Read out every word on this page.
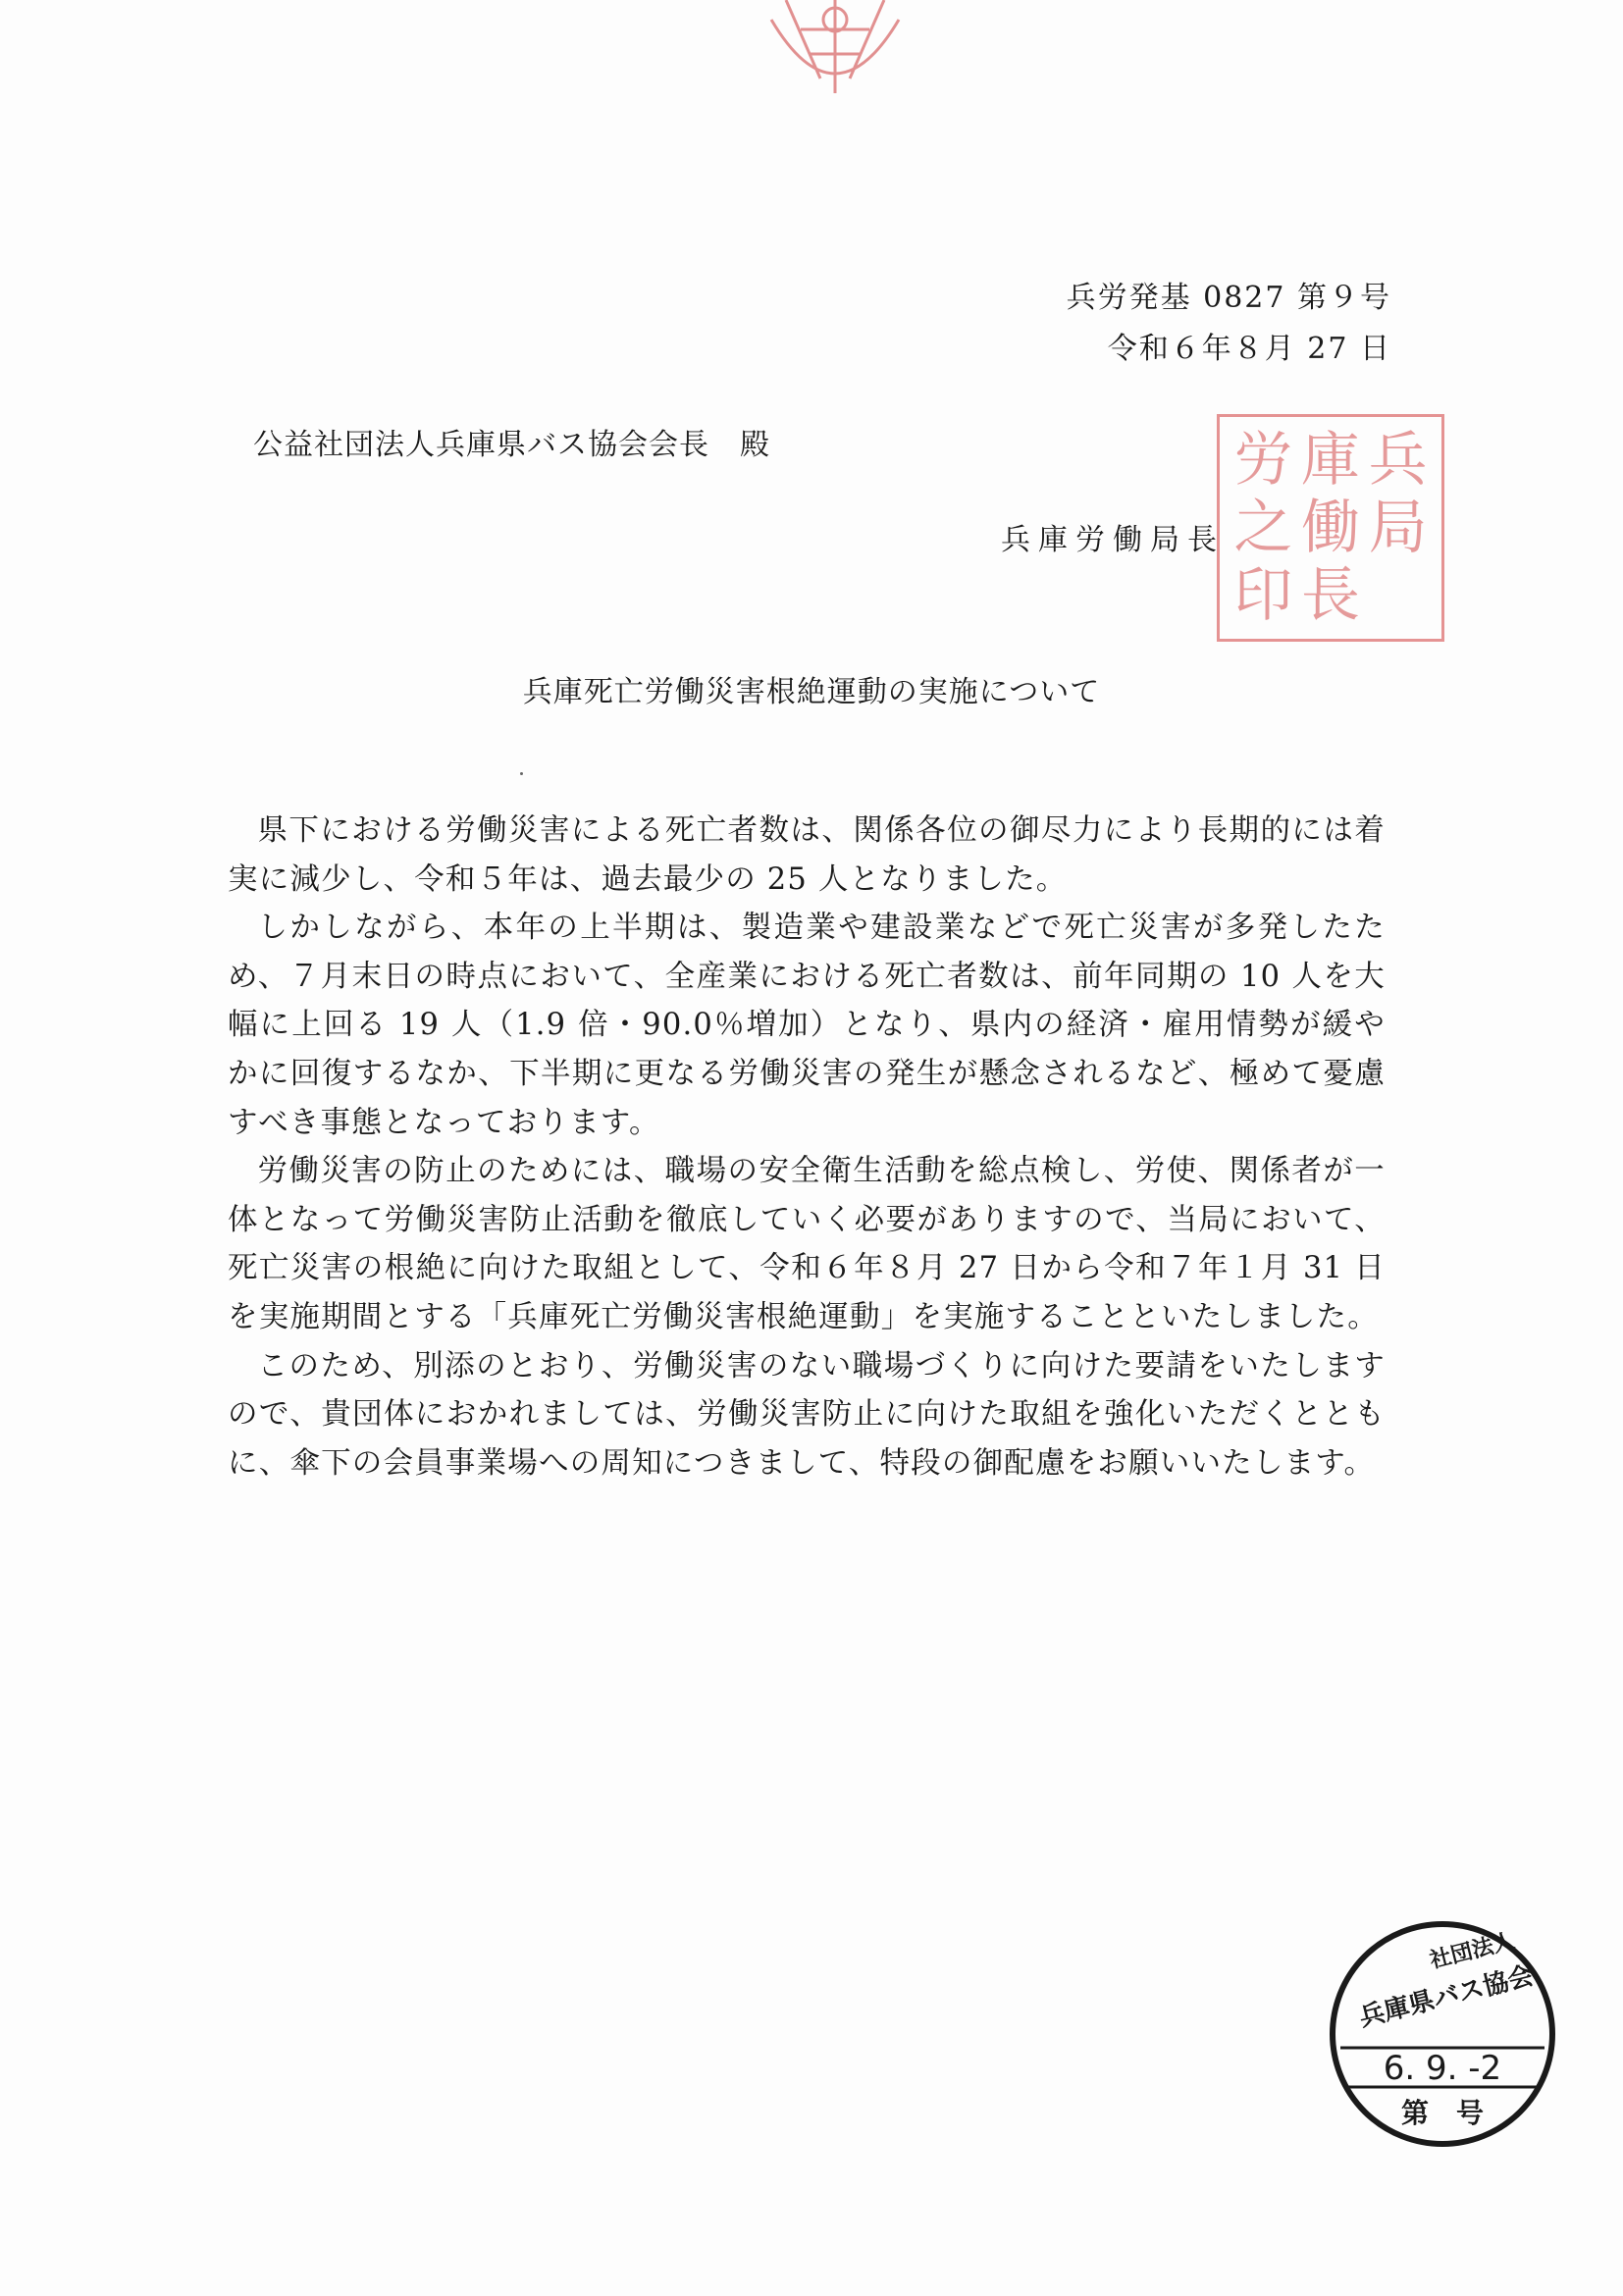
兵労発基 0827 第９号
令和６年８月 27 日
公益社団法人兵庫県バス協会会長　殿
兵庫労働局長
労 庫 兵
之 働 局
印 長

兵庫死亡労働災害根絶運動の実施について

県下における労働災害による死亡者数は、関係各位の御尽力により長期的には着実に減少し、令和５年は、過去最少の 25 人となりました。

しかしながら、本年の上半期は、製造業や建設業などで死亡災害が多発したため、７月末日の時点において、全産業における死亡者数は、前年同期の 10 人を大幅に上回る 19 人（1.9 倍・90.0％増加）となり、県内の経済・雇用情勢が緩やかに回復するなか、下半期に更なる労働災害の発生が懸念されるなど、極めて憂慮すべき事態となっております。

労働災害の防止のためには、職場の安全衛生活動を総点検し、労使、関係者が一体となって労働災害防止活動を徹底していく必要がありますので、当局において、死亡災害の根絶に向けた取組として、令和６年８月 27 日から令和７年１月 31 日を実施期間とする「兵庫死亡労働災害根絶運動」を実施することといたしました。

このため、別添のとおり、労働災害のない職場づくりに向けた要請をいたしますので、貴団体におかれましては、労働災害防止に向けた取組を強化いただくとともに、傘下の会員事業場への周知につきまして、特段の御配慮をお願いいたします。

社団法人
兵庫県バス協会
6. 9. -2
第　号
